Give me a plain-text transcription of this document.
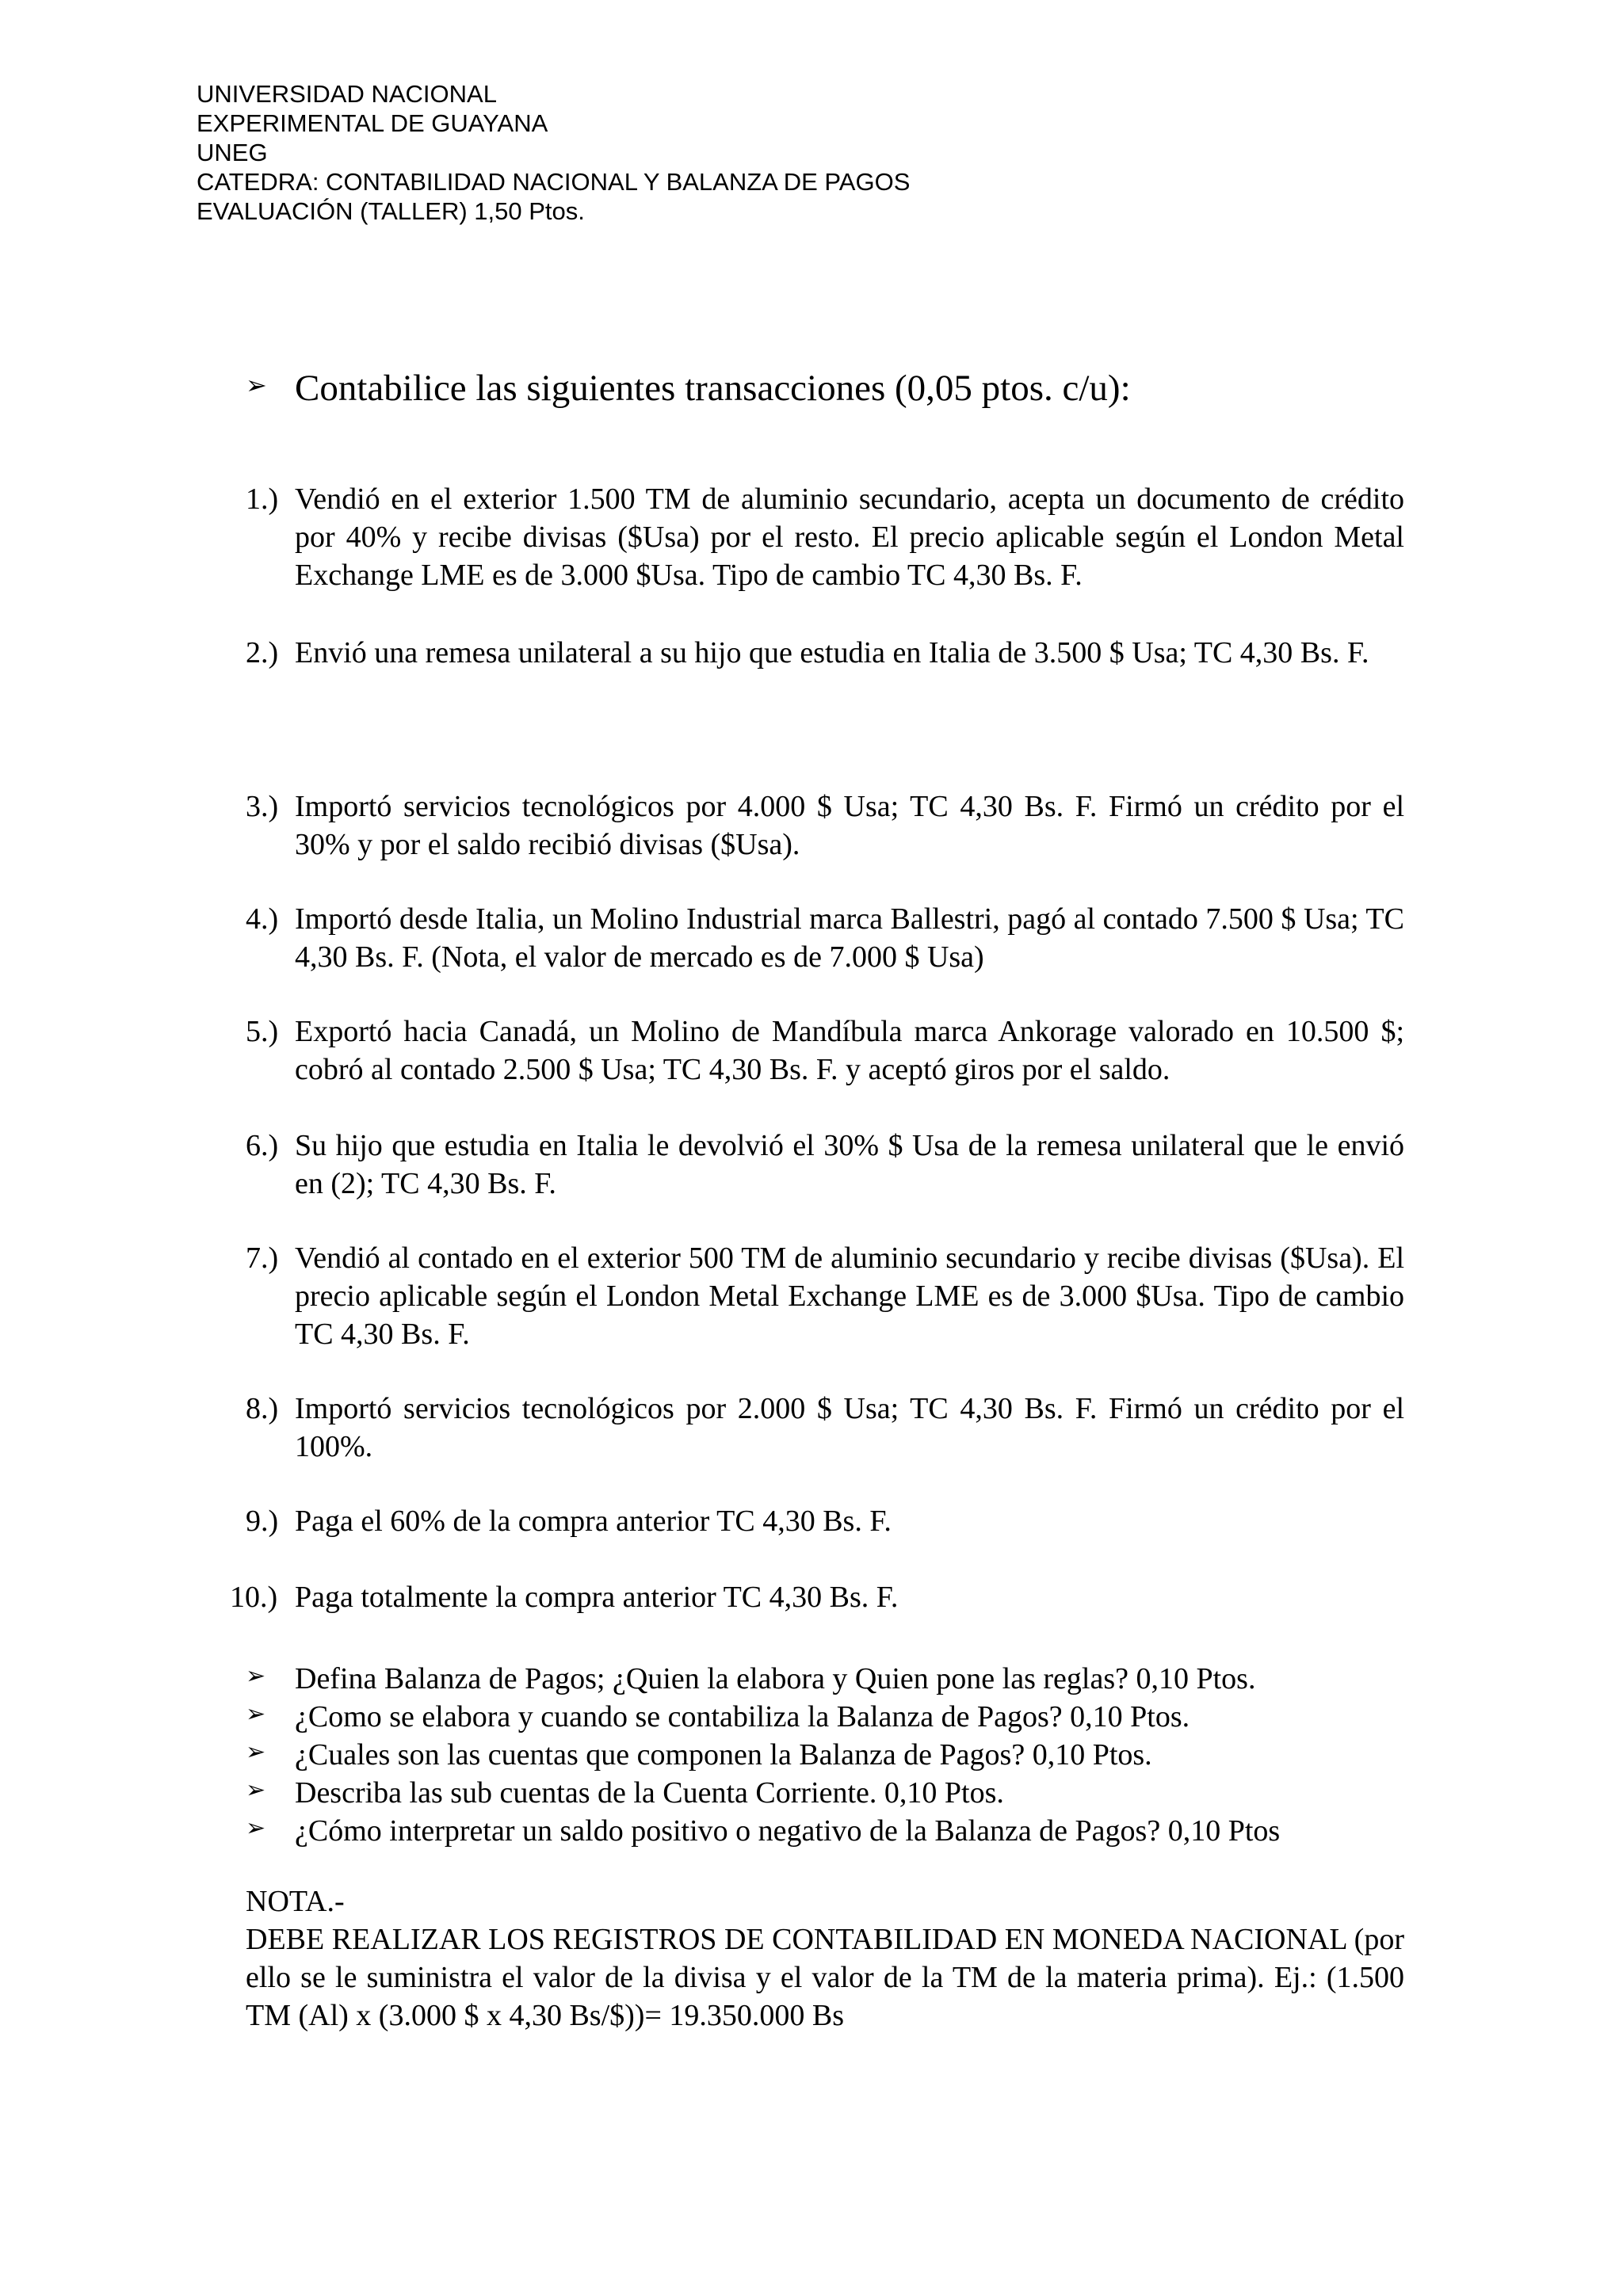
UNIVERSIDAD NACIONAL
EXPERIMENTAL DE GUAYANA
UNEG
CATEDRA: CONTABILIDAD NACIONAL Y BALANZA DE PAGOS
EVALUACIÓN (TALLER) 1,50 Ptos.
➢ Contabilice las siguientes transacciones (0,05 ptos. c/u):
1.) Vendió en el exterior 1.500 TM de aluminio secundario, acepta un documento de crédito por 40% y recibe divisas ($Usa) por el resto. El precio aplicable según el London Metal Exchange LME es de 3.000 $Usa. Tipo de cambio TC 4,30 Bs. F.
2.) Envió una remesa unilateral a su hijo que estudia en Italia de 3.500 $ Usa; TC 4,30 Bs. F.
3.) Importó servicios tecnológicos por 4.000 $ Usa; TC 4,30 Bs. F. Firmó un crédito por el 30% y por el saldo recibió divisas ($Usa).
4.) Importó desde Italia, un Molino Industrial marca Ballestri, pagó al contado 7.500 $ Usa; TC 4,30 Bs. F. (Nota, el valor de mercado es de 7.000 $ Usa)
5.) Exportó hacia Canadá, un Molino de Mandíbula marca Ankorage valorado en 10.500 $; cobró al contado 2.500 $ Usa; TC 4,30 Bs. F. y aceptó giros por el saldo.
6.) Su hijo que estudia en Italia le devolvió el 30% $ Usa de la remesa unilateral que le envió en (2); TC 4,30 Bs. F.
7.) Vendió al contado en el exterior 500 TM de aluminio secundario y recibe divisas ($Usa). El precio aplicable según el London Metal Exchange LME es de 3.000 $Usa. Tipo de cambio TC 4,30 Bs. F.
8.) Importó servicios tecnológicos por 2.000 $ Usa; TC 4,30 Bs. F. Firmó un crédito por el 100%.
9.) Paga el 60% de la compra anterior TC 4,30 Bs. F.
10.) Paga totalmente la compra anterior TC 4,30 Bs. F.
➢ Defina Balanza de Pagos; ¿Quien la elabora y Quien pone las reglas? 0,10 Ptos.
➢ ¿Como se elabora y cuando se contabiliza la Balanza de Pagos? 0,10 Ptos.
➢ ¿Cuales son las cuentas que componen la Balanza de Pagos? 0,10 Ptos.
➢ Describa las sub cuentas de la Cuenta Corriente. 0,10 Ptos.
➢ ¿Cómo interpretar un saldo positivo o negativo de la Balanza de Pagos? 0,10 Ptos
NOTA.-
DEBE REALIZAR LOS REGISTROS DE CONTABILIDAD EN MONEDA NACIONAL (por ello se le suministra el valor de la divisa y el valor de la TM de la materia prima). Ej.: (1.500 TM (Al) x (3.000 $ x 4,30 Bs/$))= 19.350.000 Bs
